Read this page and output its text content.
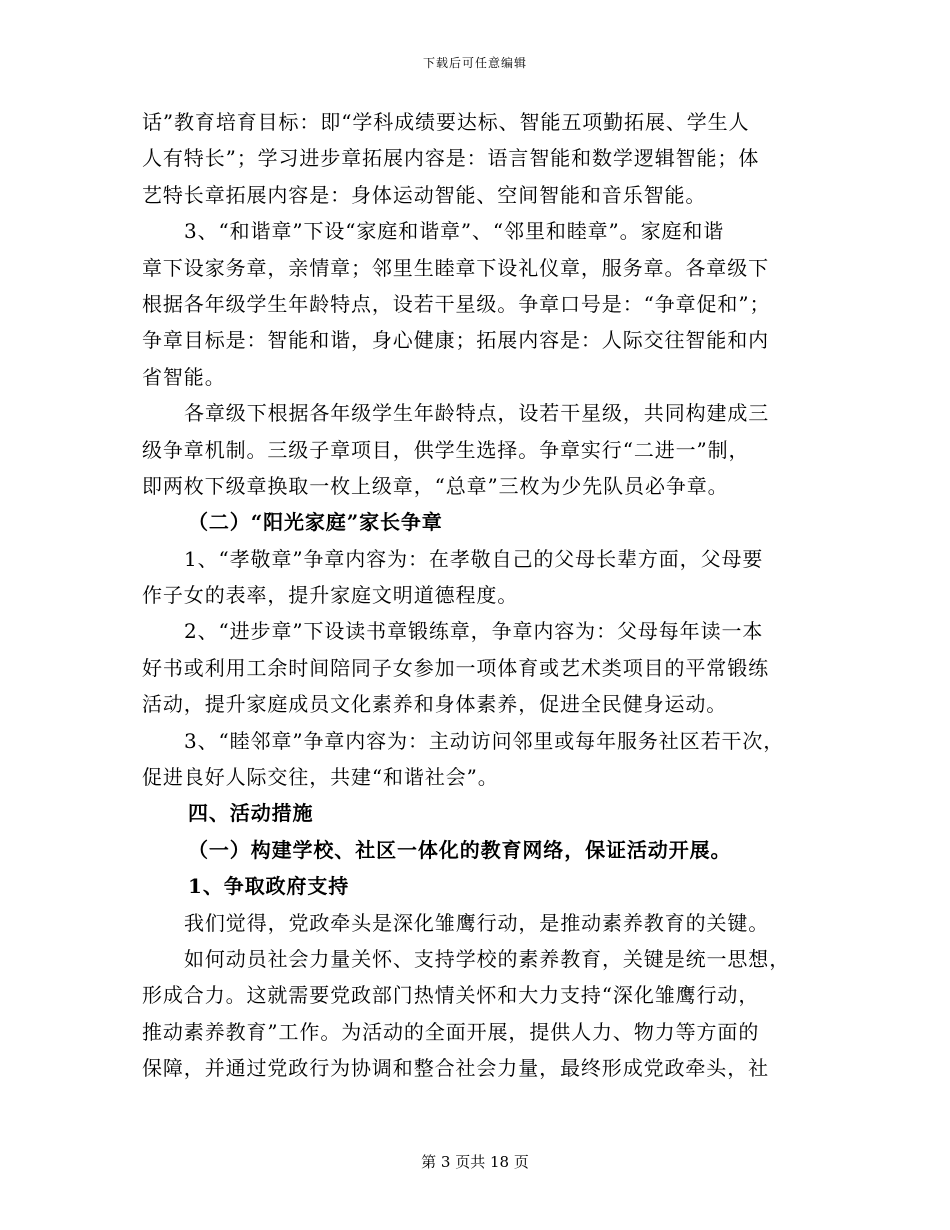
下载后可任意编辑
话”教育培育目标：即“学科成绩要达标、智能五项勤拓展、学生人
人有特长”；学习进步章拓展内容是：语言智能和数学逻辑智能；体
艺特长章拓展内容是：身体运动智能、空间智能和音乐智能。
3、“和谐章”下设“家庭和谐章”、“邻里和睦章”。家庭和谐
章下设家务章，亲情章；邻里生睦章下设礼仪章，服务章。各章级下
根据各年级学生年龄特点，设若干星级。争章口号是：“争章促和”；
争章目标是：智能和谐，身心健康；拓展内容是：人际交往智能和内
省智能。
各章级下根据各年级学生年龄特点，设若干星级，共同构建成三
级争章机制。三级子章项目，供学生选择。争章实行“二进一”制，
即两枚下级章换取一枚上级章，“总章”三枚为少先队员必争章。
（二）“阳光家庭”家长争章
1、“孝敬章”争章内容为：在孝敬自己的父母长辈方面，父母要
作子女的表率，提升家庭文明道德程度。
2、“进步章”下设读书章锻练章，争章内容为：父母每年读一本
好书或利用工余时间陪同子女参加一项体育或艺术类项目的平常锻练
活动，提升家庭成员文化素养和身体素养，促进全民健身运动。
3、“睦邻章”争章内容为：主动访问邻里或每年服务社区若干次，
促进良好人际交往，共建“和谐社会”。
四、活动措施
（一）构建学校、社区一体化的教育网络，保证活动开展。
1、争取政府支持
我们觉得，党政牵头是深化雏鹰行动，是推动素养教育的关键。
如何动员社会力量关怀、支持学校的素养教育，关键是统一思想，
形成合力。这就需要党政部门热情关怀和大力支持“深化雏鹰行动，
推动素养教育”工作。为活动的全面开展，提供人力、物力等方面的
保障，并通过党政行为协调和整合社会力量，最终形成党政牵头，社
第 3 页共 18 页
